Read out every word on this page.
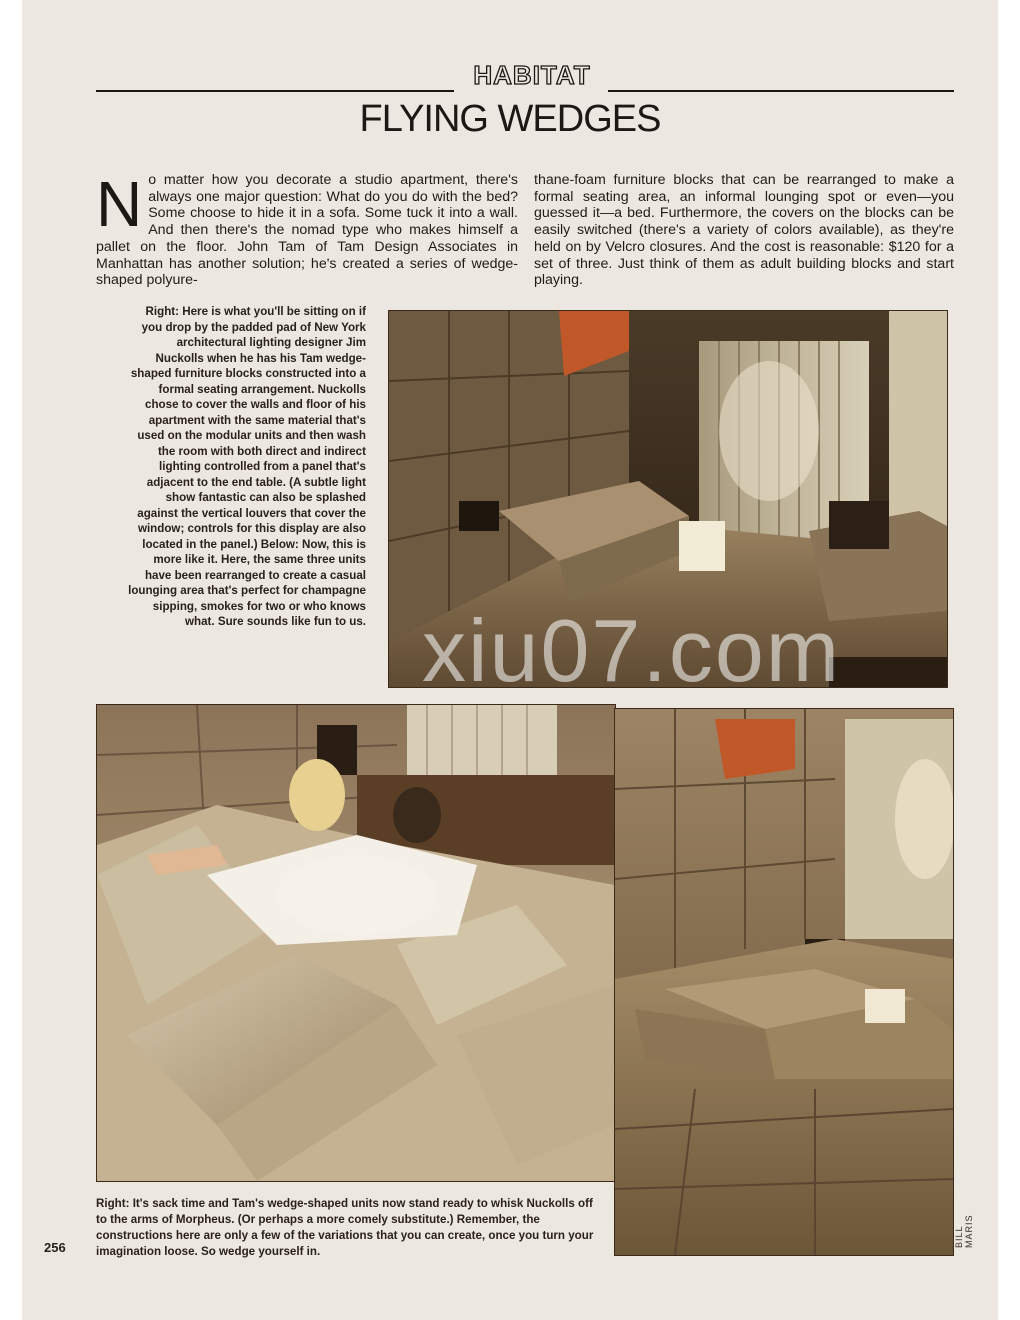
HABITAT
FLYING WEDGES
N o matter how you decorate a studio apartment, there's always one major question: What do you do with the bed? Some choose to hide it in a sofa. Some tuck it into a wall. And then there's the nomad type who makes himself a pallet on the floor. John Tam of Tam Design Associates in Manhattan has another solution; he's created a series of wedge-shaped polyure-
thane-foam furniture blocks that can be rearranged to make a formal seating area, an informal lounging spot or even—you guessed it—a bed. Furthermore, the covers on the blocks can be easily switched (there's a variety of colors available), as they're held on by Velcro closures. And the cost is reasonable: $120 for a set of three. Just think of them as adult building blocks and start playing.
Right: Here is what you'll be sitting on if you drop by the padded pad of New York architectural lighting designer Jim Nuckolls when he has his Tam wedge-shaped furniture blocks constructed into a formal seating arrangement. Nuckolls chose to cover the walls and floor of his apartment with the same material that's used on the modular units and then wash the room with both direct and indirect lighting controlled from a panel that's adjacent to the end table. (A subtle light show fantastic can also be splashed against the vertical louvers that cover the window; controls for this display are also located in the panel.) Below: Now, this is more like it. Here, the same three units have been rearranged to create a casual lounging area that's perfect for champagne sipping, smokes for two or who knows what. Sure sounds like fun to us.
Right: It's sack time and Tam's wedge-shaped units now stand ready to whisk Nuckolls off to the arms of Morpheus. (Or perhaps a more comely substitute.) Remember, the constructions here are only a few of the variations that you can create, once you turn your imagination loose. So wedge yourself in.
256	BILL MARIS
xiu07.com
